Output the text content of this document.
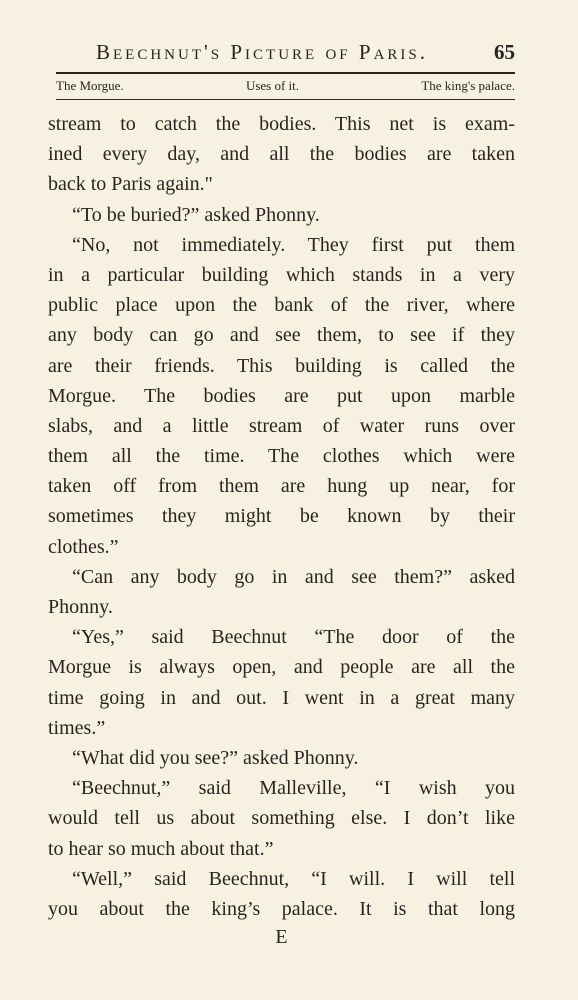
Beechnut's Picture of Paris.	65
The Morgue.	Uses of it.	The king's palace.
stream to catch the bodies. This net is exam-
ined every day, and all the bodies are taken
back to Paris again."
“To be buried?” asked Phonny.
“No, not immediately. They first put them
in a particular building which stands in a very
public place upon the bank of the river, where
any body can go and see them, to see if they
are their friends. This building is called the
Morgue. The bodies are put upon marble
slabs, and a little stream of water runs over
them all the time. The clothes which were
taken off from them are hung up near, for
sometimes they might be known by their
clothes.”
“Can any body go in and see them?” asked
Phonny.
“Yes,” said Beechnut “The door of the
Morgue is always open, and people are all the
time going in and out. I went in a great many
times.”
“What did you see?” asked Phonny.
“Beechnut,” said Malleville, “I wish you
would tell us about something else. I don’t like
to hear so much about that.”
“Well,” said Beechnut, “I will. I will tell
you about the king’s palace. It is that long
E
